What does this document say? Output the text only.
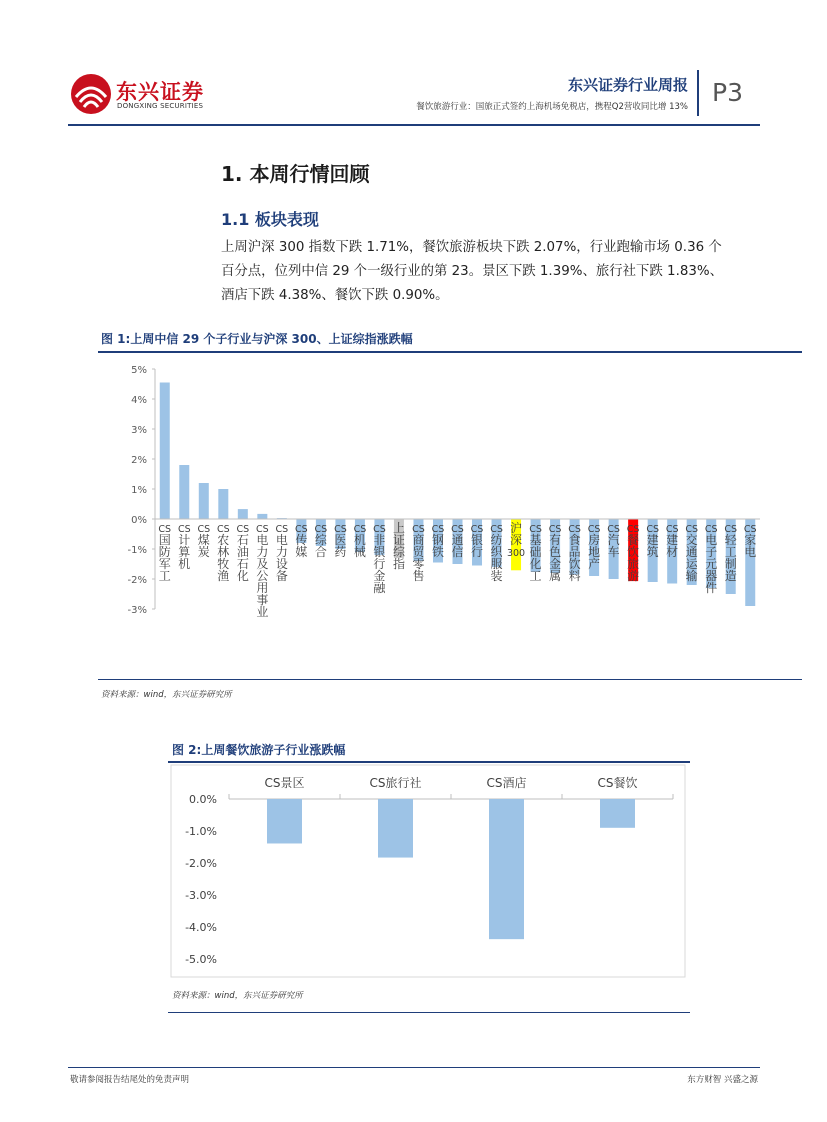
东兴证券
DONGXING SECURITIES
东兴证券行业周报
餐饮旅游行业：国旅正式签约上海机场免税店，携程Q2营收同比增 13% P3
1. 本周行情回顾
1.1 板块表现
上周沪深 300 指数下跌 1.71%，餐饮旅游板块下跌 2.07%，行业跑输市场 0.36 个
百分点，位列中信 29 个一级行业的第 23。景区下跌 1.39%、旅行社下跌 1.83%、
酒店下跌 4.38%、餐饮下跌 0.90%。
图 1:上周中信 29 个子行业与沪深 300、上证综指涨跌幅
5%
4%
3%
2%
1%
0%
-1%
-2%
-3%
CS 国防军工
CS 计算机
CS 煤炭
CS 农林牧渔
CS 石油石化
CS 电力及公用事业
CS 电力设备
CS 传媒
CS 综合
CS 医药
CS 机械
CS 非银行金融
上证综指
CS 商贸零售
CS 钢铁
CS 通信
CS 银行
CS 纺织服装
沪深 300
CS 基础化工
CS 有色金属
CS 食品饮料
CS 房地产
CS 汽车
CS 餐饮旅游
CS 建筑
CS 建材
CS 交通运输
CS 电子元器件
CS 轻工制造
CS 家电
资料来源：wind，东兴证券研究所
图 2:上周餐饮旅游子行业涨跌幅
0.0%
-1.0%
-2.0%
-3.0%
-4.0%
-5.0%
CS景区	CS旅行社	CS酒店	CS餐饮
资料来源：wind，东兴证券研究所
敬请参阅报告结尾处的免责声明	东方财智 兴盛之源
